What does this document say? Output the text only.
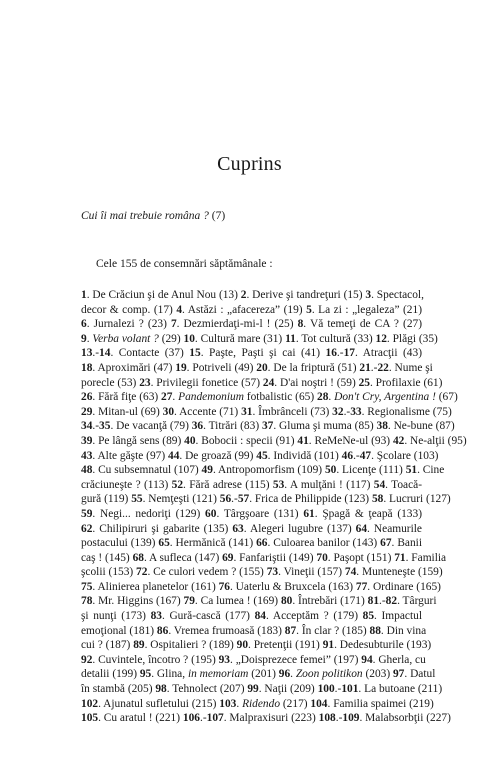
Cuprins
Cui îi mai trebuie româna ? (7)
Cele 155 de consemnări săptămânale :
1. De Crăciun şi de Anul Nou (13) 2. Derive şi tandreţuri (15) 3. Spectacol,
decor & comp. (17) 4. Astăzi : „afacereza” (19) 5. La zi : „legaleza” (21)
6. Jurnalezi ? (23) 7. Dezmierdaţi-mi-l ! (25) 8. Vă temeţi de CA ? (27)
9. Verba volant ? (29) 10. Cultură mare (31) 11. Tot cultură (33) 12. Plăgi (35)
13.-14. Contacte (37) 15. Paşte, Paşti şi cai (41) 16.-17. Atracţii (43)
18. Aproximări (47) 19. Potriveli (49) 20. De la friptură (51) 21.-22. Nume şi
porecle (53) 23. Privilegii fonetice (57) 24. D'ai noştri ! (59) 25. Profilaxie (61)
26. Fără fiţe (63) 27. Pandemonium fotbalistic (65) 28. Don't Cry, Argentina ! (67)
29. Mitan-ul (69) 30. Accente (71) 31. Îmbrânceli (73) 32.-33. Regionalisme (75)
34.-35. De vacanţă (79) 36. Titrări (83) 37. Gluma şi muma (85) 38. Ne-bune (87)
39. Pe lângă sens (89) 40. Bobocii : specii (91) 41. ReMeNe-ul (93) 42. Ne-alţii (95)
43. Alte găşte (97) 44. De groază (99) 45. Individă (101) 46.-47. Şcolare (103)
48. Cu subsemnatul (107) 49. Antropomorfism (109) 50. Licenţe (111) 51. Cine
crăciuneşte ? (113) 52. Fără adrese (115) 53. A mulţăni ! (117) 54. Toacă-
gură (119) 55. Nemţeşti (121) 56.-57. Frica de Philippide (123) 58. Lucruri (127)
59. Negi... nedoriţi (129) 60. Târgşoare (131) 61. Şpagă & ţeapă (133)
62. Chilipiruri şi gabarite (135) 63. Alegeri lugubre (137) 64. Neamurile
postacului (139) 65. Hermănică (141) 66. Culoarea banilor (143) 67. Banii
caş ! (145) 68. A sufleca (147) 69. Fanfariştii (149) 70. Paşopt (151) 71. Familia
şcolii (153) 72. Ce culori vedem ? (155) 73. Vineţii (157) 74. Munteneşte (159)
75. Alinierea planetelor (161) 76. Uaterlu & Bruxcela (163) 77. Ordinare (165)
78. Mr. Higgins (167) 79. Ca lumea ! (169) 80. Întrebări (171) 81.-82. Târguri
şi nunţi (173) 83. Gură-cască (177) 84. Acceptăm ? (179) 85. Impactul
emoţional (181) 86. Vremea frumoasă (183) 87. În clar ? (185) 88. Din vina
cui ? (187) 89. Ospitalieri ? (189) 90. Pretenţii (191) 91. Dedesubturile (193)
92. Cuvintele, încotro ? (195) 93. „Doisprezece femei” (197) 94. Gherla, cu
detalii (199) 95. Glina, in memoriam (201) 96. Zoon politikon (203) 97. Datul
în stambă (205) 98. Tehnolect (207) 99. Naţii (209) 100.-101. La butoane (211)
102. Ajunatul sufletului (215) 103. Ridendo (217) 104. Familia spaimei (219)
105. Cu aratul ! (221) 106.-107. Malpraxisuri (223) 108.-109. Malabsorbţii (227)
